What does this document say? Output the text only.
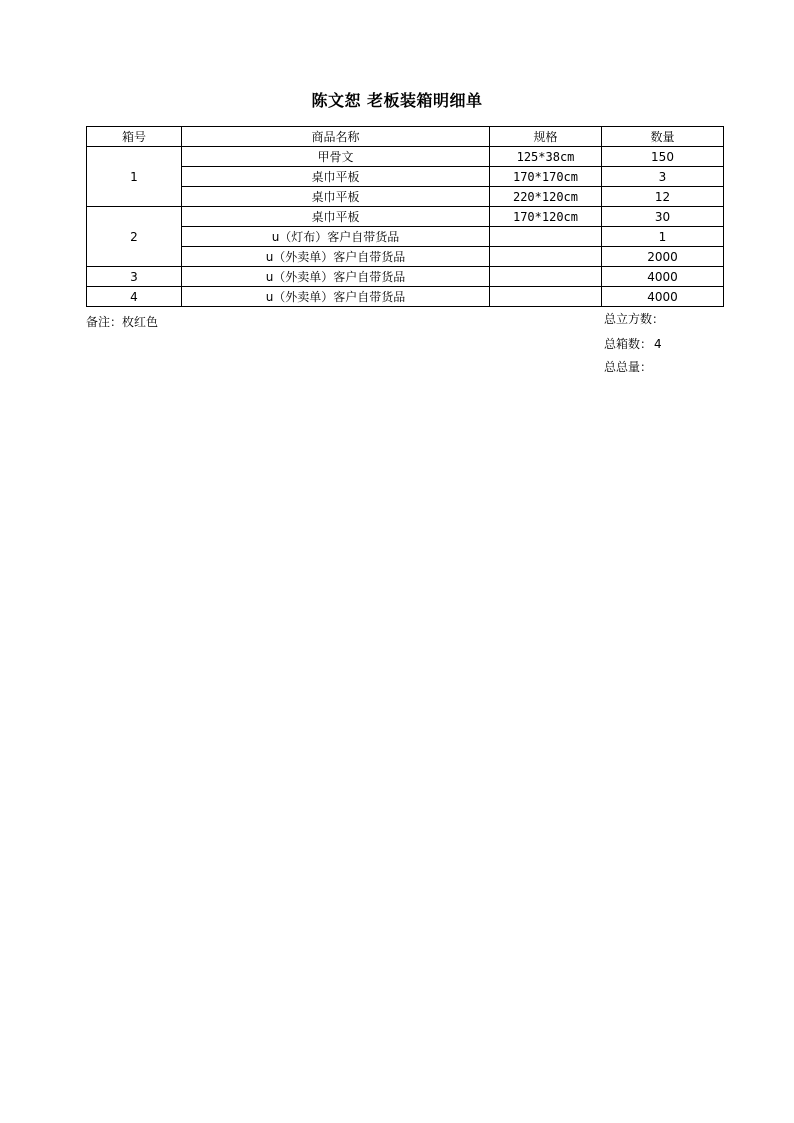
陈文恕 老板装箱明细单
箱号	商品名称	规格	数量
1	甲骨文	125*38cm	150
	桌巾平板	170*170cm	3
	桌巾平板	220*120cm	12
2	桌巾平板	170*120cm	30
	u（灯布）客户自带货品		1
	u（外卖单）客户自带货品		2000
3	u（外卖单）客户自带货品		4000
4	u（外卖单）客户自带货品		4000
备注：枚红色	总立方数：
总箱数： 4
总总量：
